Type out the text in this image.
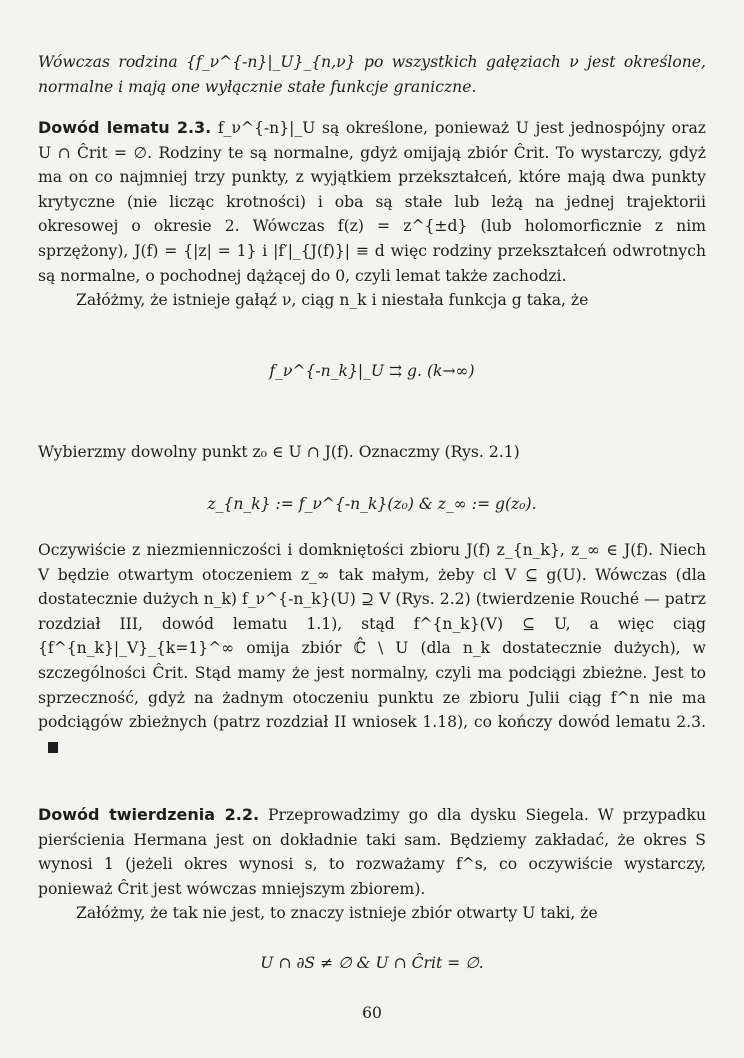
Wówczas rodzina {f_ν^{-n}|_U}_{n,ν} po wszystkich gałęziach ν jest określone, normalne i mają one wyłącznie stałe funkcje graniczne.

Dowód lematu 2.3. f_ν^{-n}|_U są określone, ponieważ U jest jednospójny oraz U ∩ Ĉrit = ∅. Rodziny te są normalne, gdyż omijają zbiór Ĉrit. To wystarczy, gdyż ma on co najmniej trzy punkty, z wyjątkiem przekształceń, które mają dwa punkty krytyczne (nie licząc krotności) i oba są stałe lub leżą na jednej trajektorii okresowej o okresie 2. Wówczas f(z) = z^{±d} (lub holomorficznie z nim sprzężony), J(f) = {|z| = 1} i |f′|_{J(f)}| ≡ d więc rodziny przekształceń odwrotnych są normalne, o pochodnej dążącej do 0, czyli lemat także zachodzi.

Załóżmy, że istnieje gałąź ν, ciąg n_k i niestała funkcja g taka, że

f_ν^{-n_k}|_U ⇉ g. (k→∞)

Wybierzmy dowolny punkt z₀ ∈ U ∩ J(f). Oznaczmy (Rys. 2.1)

z_{n_k} := f_ν^{-n_k}(z₀) & z_∞ := g(z₀).

Oczywiście z niezmienniczości i domkniętości zbioru J(f) z_{n_k}, z_∞ ∈ J(f). Niech V będzie otwartym otoczeniem z_∞ tak małym, żeby cl V ⊆ g(U). Wówczas (dla dostatecznie dużych n_k) f_ν^{-n_k}(U) ⊇ V (Rys. 2.2) (twierdzenie Rouché — patrz rozdział III, dowód lematu 1.1), stąd f^{n_k}(V) ⊆ U, a więc ciąg {f^{n_k}|_V}_{k=1}^∞ omija zbiór ℂ̂ \ U (dla n_k dostatecznie dużych), w szczególności Ĉrit. Stąd mamy że jest normalny, czyli ma podciągi zbieżne. Jest to sprzeczność, gdyż na żadnym otoczeniu punktu ze zbioru Julii ciąg f^n nie ma podciągów zbieżnych (patrz rozdział II wniosek 1.18), co kończy dowód lematu 2.3.

Dowód twierdzenia 2.2. Przeprowadzimy go dla dysku Siegela. W przypadku pierścienia Hermana jest on dokładnie taki sam. Będziemy zakładać, że okres S wynosi 1 (jeżeli okres wynosi s, to rozważamy f^s, co oczywiście wystarczy, ponieważ Ĉrit jest wówczas mniejszym zbiorem).

Załóżmy, że tak nie jest, to znaczy istnieje zbiór otwarty U taki, że

U ∩ ∂S ≠ ∅ & U ∩ Ĉrit = ∅.
60
